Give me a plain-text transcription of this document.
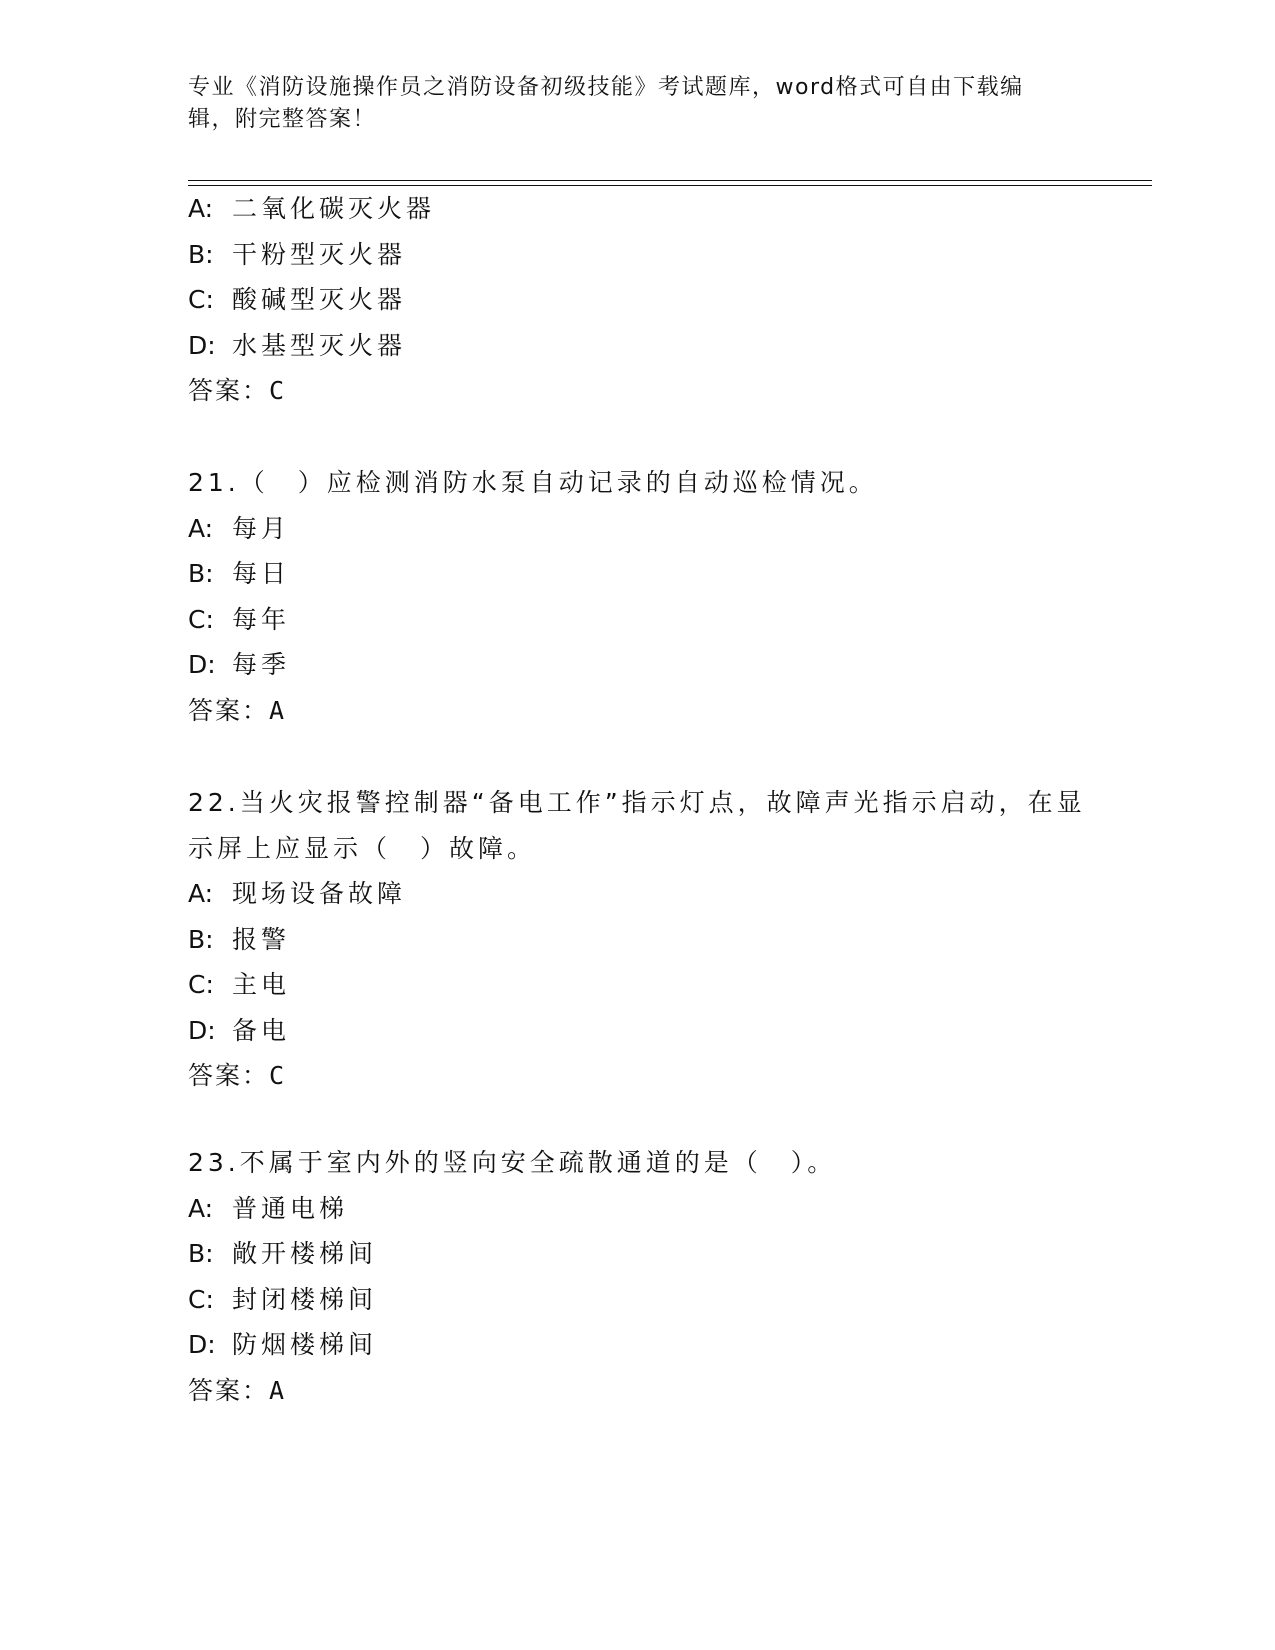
专业《消防设施操作员之消防设备初级技能》考试题库，word格式可自由下载编辑，附完整答案！
A: 二氧化碳灭火器
B: 干粉型灭火器
C: 酸碱型灭火器
D: 水基型灭火器
答案：C
21.（　）应检测消防水泵自动记录的自动巡检情况。
A: 每月
B: 每日
C: 每年
D: 每季
答案：A
22.当火灾报警控制器“备电工作”指示灯点，故障声光指示启动，在显示屏上应显示（　）故障。
A: 现场设备故障
B: 报警
C: 主电
D: 备电
答案：C
23.不属于室内外的竖向安全疏散通道的是（　）。
A: 普通电梯
B: 敞开楼梯间
C: 封闭楼梯间
D: 防烟楼梯间
答案：A
